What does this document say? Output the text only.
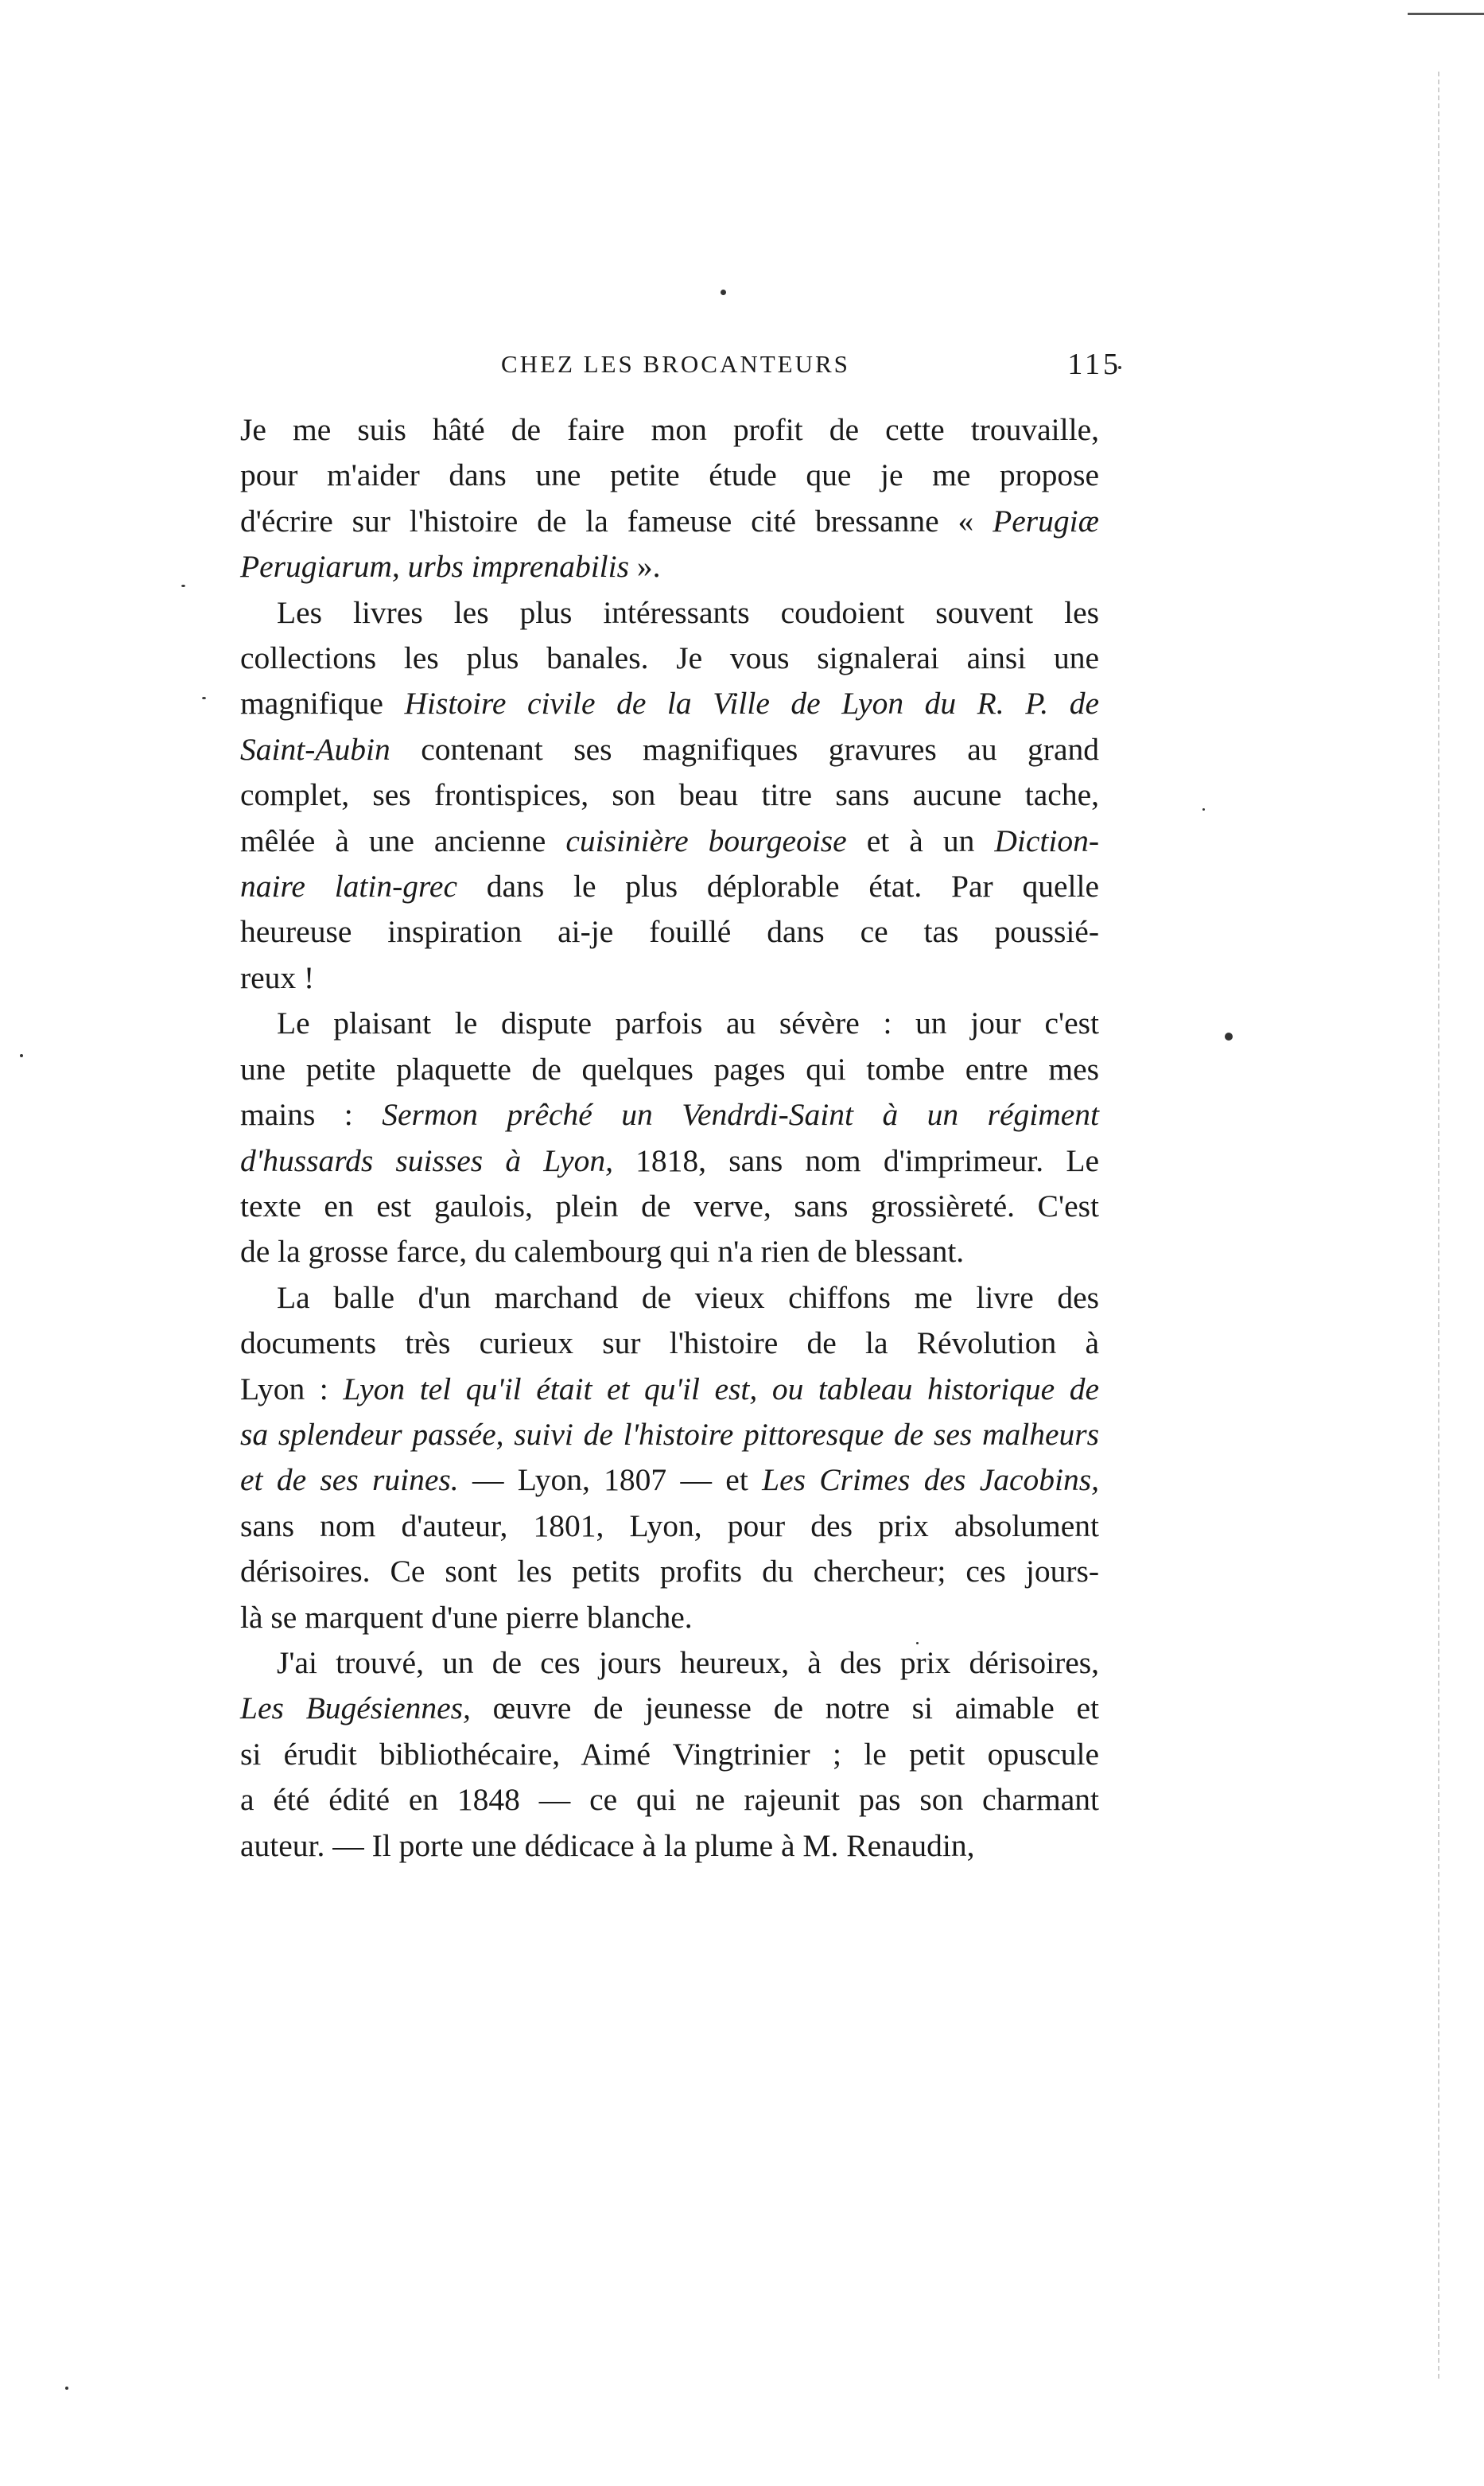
CHEZ LES BROCANTEURS	115
Je me suis hâté de faire mon profit de cette trouvaille,
pour m'aider dans une petite étude que je me propose
d'écrire sur l'histoire de la fameuse cité bressanne « Perugiæ
Perugiarum, urbs imprenabilis ».
Les livres les plus intéressants coudoient souvent les
collections les plus banales. Je vous signalerai ainsi une
magnifique Histoire civile de la Ville de Lyon du R. P. de
Saint-Aubin contenant ses magnifiques gravures au grand
complet, ses frontispices, son beau titre sans aucune tache,
mêlée à une ancienne cuisinière bourgeoise et à un Diction-
naire latin-grec dans le plus déplorable état. Par quelle
heureuse inspiration ai-je fouillé dans ce tas poussié-
reux !
Le plaisant le dispute parfois au sévère : un jour c'est
une petite plaquette de quelques pages qui tombe entre mes
mains : Sermon prêché un Vendrdi-Saint à un régiment
d'hussards suisses à Lyon, 1818, sans nom d'imprimeur. Le
texte en est gaulois, plein de verve, sans grossièreté. C'est
de la grosse farce, du calembourg qui n'a rien de blessant.
La balle d'un marchand de vieux chiffons me livre des
documents très curieux sur l'histoire de la Révolution à
Lyon : Lyon tel qu'il était et qu'il est, ou tableau historique de
sa splendeur passée, suivi de l'histoire pittoresque de ses malheurs
et de ses ruines. — Lyon, 1807 — et Les Crimes des Jacobins,
sans nom d'auteur, 1801, Lyon, pour des prix absolument
dérisoires. Ce sont les petits profits du chercheur; ces jours-
là se marquent d'une pierre blanche.
J'ai trouvé, un de ces jours heureux, à des prix dérisoires,
Les Bugésiennes, œuvre de jeunesse de notre si aimable et
si érudit bibliothécaire, Aimé Vingtrinier ; le petit opuscule
a été édité en 1848 — ce qui ne rajeunit pas son charmant
auteur. — Il porte une dédicace à la plume à M. Renaudin,
